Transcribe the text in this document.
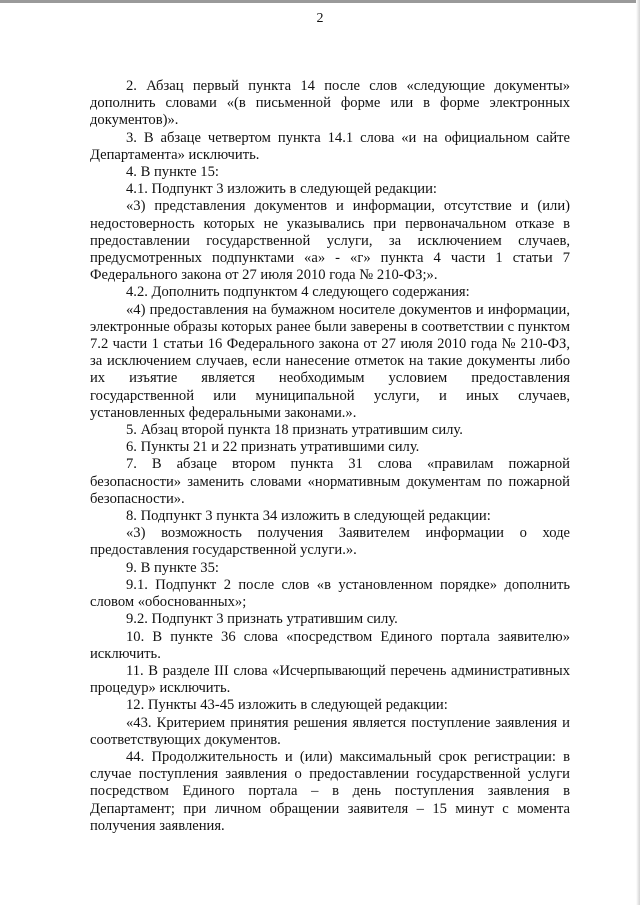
2

2. Абзац первый пункта 14 после слов «следующие документы» дополнить словами «(в письменной форме или в форме электронных документов)».

3. В абзаце четвертом пункта 14.1 слова «и на официальном сайте Департамента» исключить.

4. В пункте 15:

4.1. Подпункт 3 изложить в следующей редакции:

«3) представления документов и информации, отсутствие и (или) недостоверность которых не указывались при первоначальном отказе в предоставлении государственной услуги, за исключением случаев, предусмотренных подпунктами «а» - «г» пункта 4 части 1 статьи 7 Федерального закона от 27 июля 2010 года № 210-ФЗ;».

4.2. Дополнить подпунктом 4 следующего содержания:

«4) предоставления на бумажном носителе документов и информации, электронные образы которых ранее были заверены в соответствии с пунктом 7.2 части 1 статьи 16 Федерального закона от 27 июля 2010 года № 210-ФЗ, за исключением случаев, если нанесение отметок на такие документы либо их изъятие является необходимым условием предоставления государственной или муниципальной услуги, и иных случаев, установленных федеральными законами.».

5. Абзац второй пункта 18 признать утратившим силу.

6. Пункты 21 и 22 признать утратившими силу.

7. В абзаце втором пункта 31 слова «правилам пожарной безопасности» заменить словами «нормативным документам по пожарной безопасности».

8. Подпункт 3 пункта 34 изложить в следующей редакции:

«3) возможность получения Заявителем информации о ходе предоставления государственной услуги.».

9. В пункте 35:

9.1. Подпункт 2 после слов «в установленном порядке» дополнить словом «обоснованных»;

9.2. Подпункт 3 признать утратившим силу.

10. В пункте 36 слова «посредством Единого портала заявителю» исключить.

11. В разделе III слова «Исчерпывающий перечень административных процедур» исключить.

12. Пункты 43-45 изложить в следующей редакции:

«43. Критерием принятия решения является поступление заявления и соответствующих документов.

44. Продолжительность и (или) максимальный срок регистрации: в случае поступления заявления о предоставлении государственной услуги посредством Единого портала – в день поступления заявления в Департамент; при личном обращении заявителя – 15 минут с момента получения заявления.
